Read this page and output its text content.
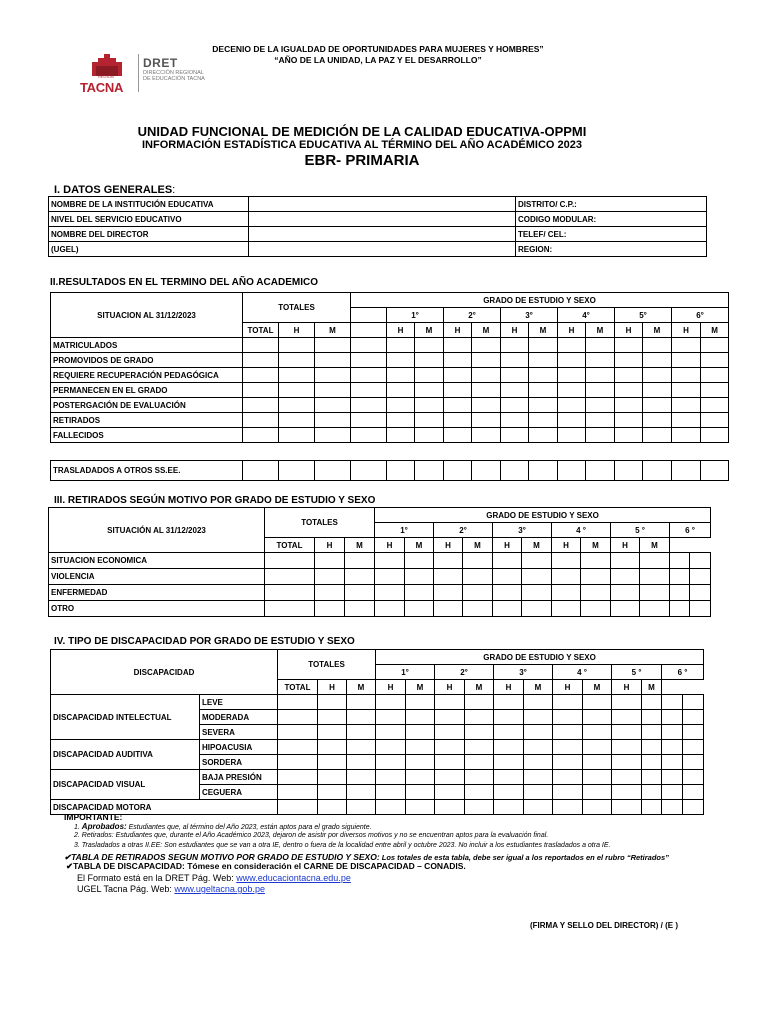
DECENIO DE LA IGUALDAD DE OPORTUNIDADES PARA MUJERES Y HOMBRES”
“AÑO DE LA UNIDAD, LA PAZ Y EL DESARROLLO”
REGIÓN
TACNA
DRET
DIRECCIÓN REGIONAL
DE EDUCACIÓN TACNA
UNIDAD FUNCIONAL DE MEDICIÓN DE LA CALIDAD EDUCATIVA-OPPMI
INFORMACIÓN ESTADÍSTICA EDUCATIVA AL TÉRMINO DEL AÑO ACADÉMICO 2023
EBR- PRIMARIA
I. DATOS GENERALES:
NOMBRE DE LA INSTITUCIÓN EDUCATIVA		DISTRITO/ C.P.:
NIVEL DEL SERVICIO EDUCATIVO		CODIGO MODULAR:
NOMBRE DEL DIRECTOR		TELEF/ CEL:
(UGEL)		REGION:
II.RESULTADOS EN EL TERMINO DEL AÑO ACADEMICO
SITUACION AL 31/12/2023	TOTALES			GRADO DE ESTUDIO Y SEXO												
					1°		2°		3°		4°		5°		6°	
	TOTAL	H	M		H	M	H	M	H	M	H	M	H	M	H	M
MATRICULADOS																
PROMOVIDOS DE GRADO																
REQUIERE RECUPERACIÓN PEDAGÓGICA																
PERMANECEN EN EL GRADO																
POSTERGACIÓN DE EVALUACIÓN																
RETIRADOS																
FALLECIDOS																
TRASLADADOS A OTROS SS.EE.																
III. RETIRADOS SEGÚN MOTIVO POR GRADO DE ESTUDIO Y SEXO
SITUACIÓN AL 31/12/2023	TOTALES			GRADO DE ESTUDIO Y SEXO											
				1°		2°		3°		4 °		5 °		6 °	
	TOTAL	H	M	H	M	H	M	H	M	H	M	H	M		
SITUACION ECONOMICA															
VIOLENCIA															
ENFERMEDAD															
OTRO															
IV. TIPO DE DISCAPACIDAD POR GRADO DE ESTUDIO Y SEXO
DISCAPACIDAD		TOTALES			GRADO DE ESTUDIO Y SEXO											
					1°		2°		3°		4 °		5 °		6 °	
		TOTAL	H	M	H	M	H	M	H	M	H	M	H	M		
DISCAPACIDAD INTELECTUAL	LEVE															
	MODERADA															
	SEVERA															
DISCAPACIDAD AUDITIVA	HIPOACUSIA															
	SORDERA															
DISCAPACIDAD VISUAL	BAJA PRESIÓN															
	CEGUERA															
DISCAPACIDAD MOTORA																
IMPORTANTE:
1. Aprobados: Estudiantes que, al término del Año 2023, están aptos para el grado siguiente.
2. Retirados: Estudiantes que, durante el Año Académico 2023, dejaron de asistir por diversos motivos y no se encuentran aptos para la evaluación final.
3. Trasladados a otras II.EE: Son estudiantes que se van a otra IE, dentro o fuera de la localidad entre abril y octubre 2023. No incluir a los estudiantes trasladados a otra IE.
✔TABLA DE RETIRADOS SEGUN MOTIVO POR GRADO DE ESTUDIO Y SEXO: Los totales de esta tabla, debe ser igual a los reportados en el rubro “Retirados”
✔TABLA DE DISCAPACIDAD: Tómese en consideración el CARNE DE DISCAPACIDAD – CONADIS.
El Formato está en la DRET Pág. Web: www.educaciontacna.edu.pe
UGEL Tacna Pág. Web: www.ugeltacna.gob.pe
(FIRMA Y SELLO DEL DIRECTOR) / (E )
